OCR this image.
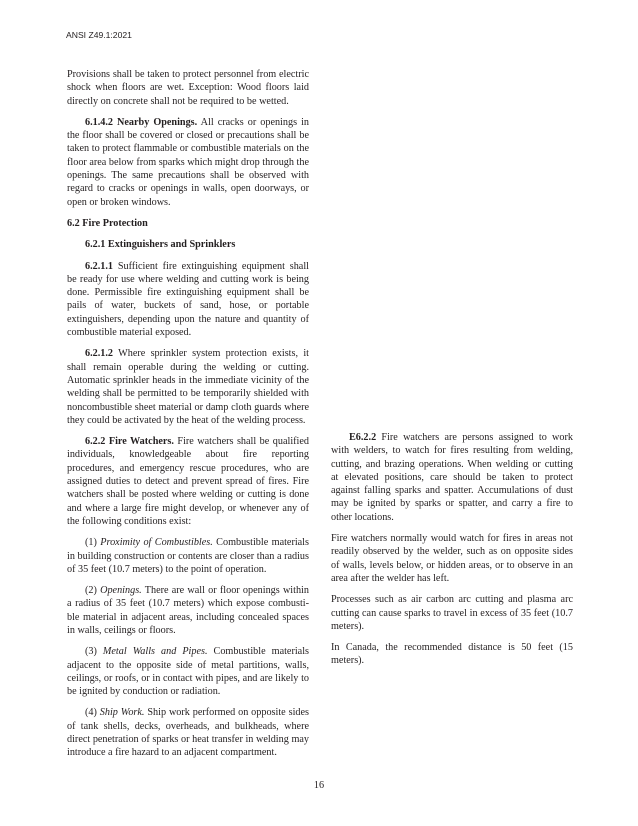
ANSI Z49.1:2021

Provisions shall be taken to protect personnel from electric shock when floors are wet. Exception: Wood floors laid directly on concrete shall not be required to be wetted.

6.1.4.2 Nearby Openings. All cracks or openings in the floor shall be covered or closed or precautions shall be taken to protect flammable or combustible materials on the floor area below from sparks which might drop through the openings. The same precautions shall be observed with regard to cracks or openings in walls, open doorways, or open or broken windows.

6.2 Fire Protection

6.2.1 Extinguishers and Sprinklers

6.2.1.1 Sufficient fire extinguishing equipment shall be ready for use where welding and cutting work is being done. Permissible fire extinguishing equipment shall be pails of water, buckets of sand, hose, or portable extinguishers, depending upon the nature and quantity of combustible material exposed.

6.2.1.2 Where sprinkler system protection exists, it shall remain operable during the welding or cutting. Automatic sprinkler heads in the immediate vicinity of the welding shall be permitted to be temporarily shielded with noncombustible sheet material or damp cloth guards where they could be activated by the heat of the welding process.

6.2.2 Fire Watchers. Fire watchers shall be qualified individuals, knowledgeable about fire reporting procedures, and emergency rescue procedures, who are assigned duties to detect and prevent spread of fires. Fire watchers shall be posted where welding or cutting is done and where a large fire might develop, or whenever any of the following conditions exist:

(1) Proximity of Combustibles. Combustible materials in building construction or contents are closer than a radius of 35 feet (10.7 meters) to the point of operation.

(2) Openings. There are wall or floor openings within a radius of 35 feet (10.7 meters) which expose combusti-ble material in adjacent areas, including concealed spaces in walls, ceilings or floors.

(3) Metal Walls and Pipes. Combustible materials adjacent to the opposite side of metal partitions, walls, ceilings, or roofs, or in contact with pipes, and are likely to be ignited by conduction or radiation.

(4) Ship Work. Ship work performed on opposite sides of tank shells, decks, overheads, and bulkheads, where direct penetration of sparks or heat transfer in welding may introduce a fire hazard to an adjacent compartment.

E6.2.2 Fire watchers are persons assigned to work with welders, to watch for fires resulting from welding, cutting, and brazing operations. When welding or cutting at elevated positions, care should be taken to protect against falling sparks and spatter. Accumulations of dust may be ignited by sparks or spatter, and carry a fire to other locations.

Fire watchers normally would watch for fires in areas not readily observed by the welder, such as on opposite sides of walls, levels below, or hidden areas, or to observe in an area after the welder has left.

Processes such as air carbon arc cutting and plasma arc cutting can cause sparks to travel in excess of 35 feet (10.7 meters).

In Canada, the recommended distance is 50 feet (15 meters).

16
